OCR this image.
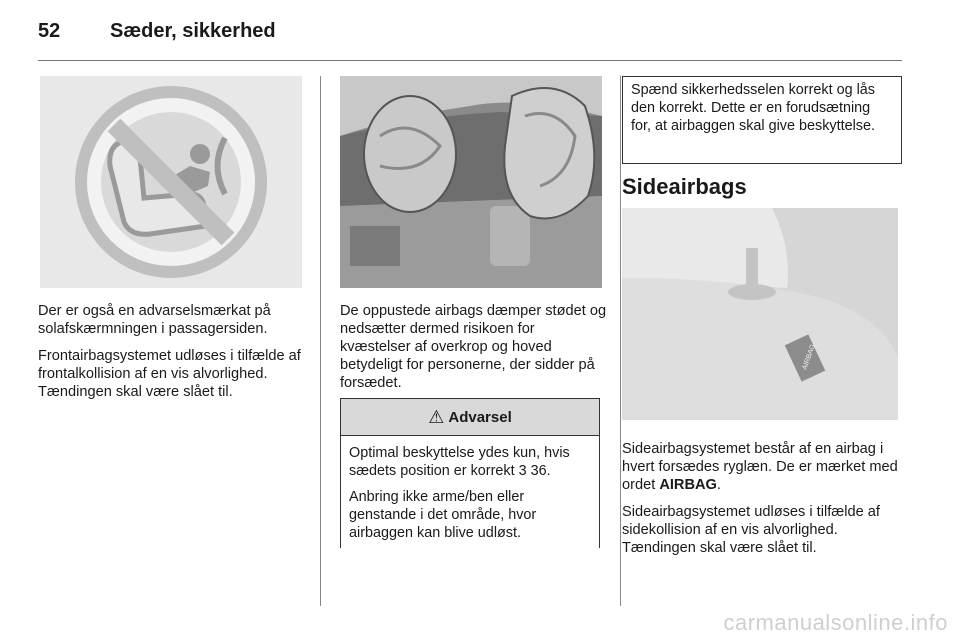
52 Sæder, sikkerhed

Der er også en advarselsmærkat på solafskærmningen i passagersiden.

Frontairbagsystemet udløses i tilfælde af frontalkollision af en vis alvorlighed. Tændingen skal være slået til.

De oppustede airbags dæmper stødet og nedsætter dermed risikoen for kvæstelser af overkrop og hoved betydeligt for personerne, der sidder på forsædet.

⚠ Advarsel

Optimal beskyttelse ydes kun, hvis sædets position er korrekt 3 36.

Anbring ikke arme/ben eller genstande i det område, hvor airbaggen kan blive udløst.

Spænd sikkerhedsselen korrekt og lås den korrekt. Dette er en forudsætning for, at airbaggen skal give beskyttelse.

Sideairbags
AIRBAG

Sideairbagsystemet består af en airbag i hvert forsædes ryglæn. De er mærket med ordet AIRBAG.

Sideairbagsystemet udløses i tilfælde af sidekollision af en vis alvorlighed. Tændingen skal være slået til.

carmanualsonline.info
